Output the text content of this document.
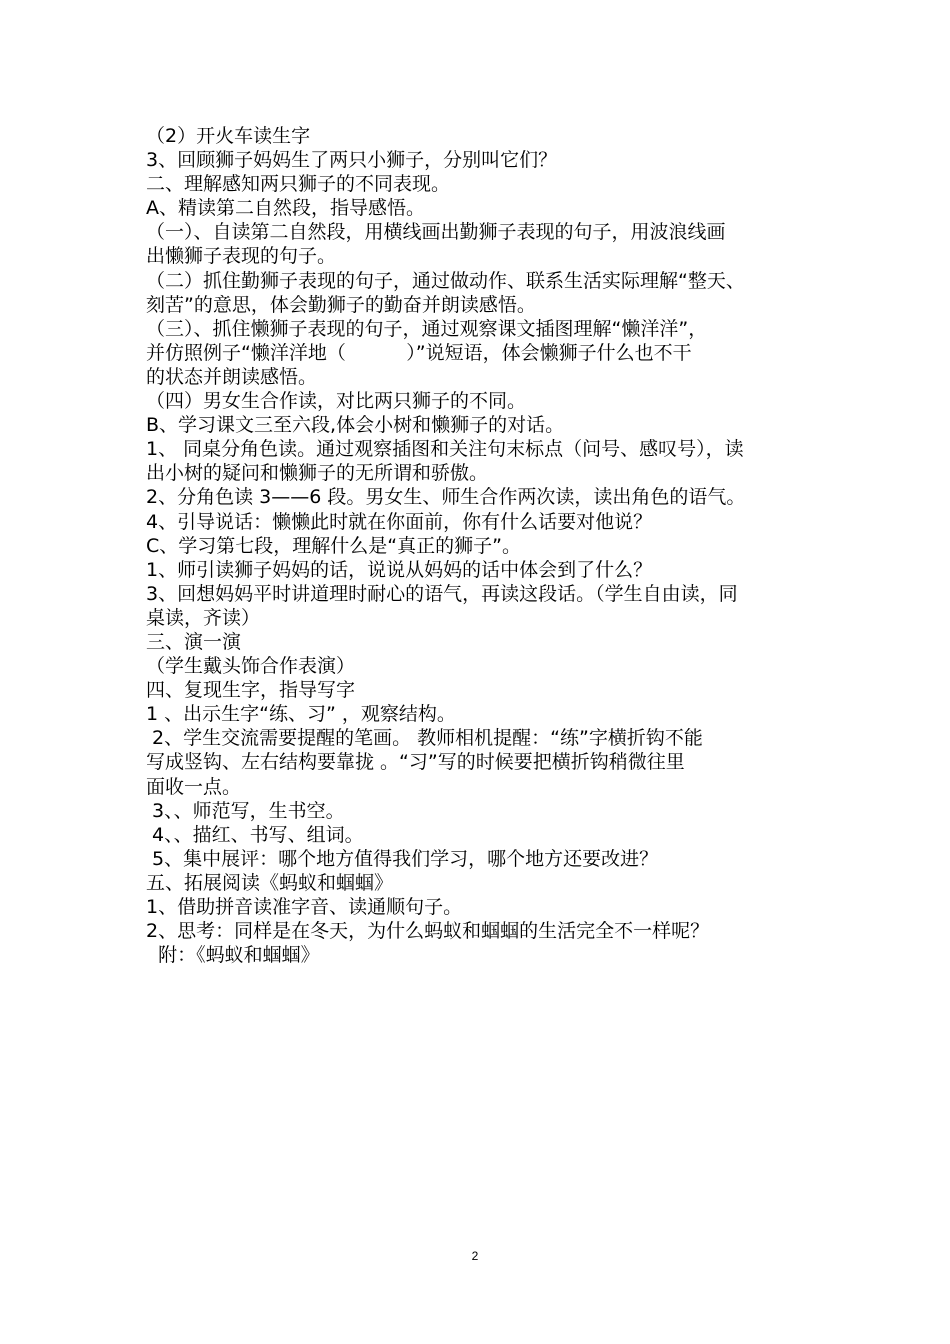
（2）开火车读生字
3、回顾狮子妈妈生了两只小狮子，分别叫它们？
二、理解感知两只狮子的不同表现。
A、精读第二自然段，指导感悟。
（一）、自读第二自然段，用横线画出勤狮子表现的句子，用波浪线画
出懒狮子表现的句子。
（二）抓住勤狮子表现的句子，通过做动作、联系生活实际理解“整天、
刻苦”的意思，体会勤狮子的勤奋并朗读感悟。
（三）、抓住懒狮子表现的句子，通过观察课文插图理解“懒洋洋”，
并仿照例子“懒洋洋地（          ）”说短语，体会懒狮子什么也不干
的状态并朗读感悟。
（四）男女生合作读，对比两只狮子的不同。
B、学习课文三至六段,体会小树和懒狮子的对话。
1、 同桌分角色读。通过观察插图和关注句末标点（问号、感叹号），读
出小树的疑问和懒狮子的无所谓和骄傲。
2、分角色读 3——6 段。男女生、师生合作两次读，读出角色的语气。
4、引导说话：懒懒此时就在你面前，你有什么话要对他说？
C、学习第七段，理解什么是“真正的狮子”。
1、师引读狮子妈妈的话，说说从妈妈的话中体会到了什么？
3、回想妈妈平时讲道理时耐心的语气，再读这段话。（学生自由读，同
桌读，齐读）
三、演一演
（学生戴头饰合作表演）
四、复现生字，指导写字
1 、出示生字“练、习” ，观察结构。
2、学生交流需要提醒的笔画。 教师相机提醒：“练”字横折钩不能
写成竖钩、左右结构要靠拢 。“习”写的时候要把横折钩稍微往里
面收一点。
3、、师范写，生书空。
4、、描红、书写、组词。
5、集中展评：哪个地方值得我们学习，哪个地方还要改进？
五、拓展阅读《蚂蚁和蝈蝈》
1、借助拼音读准字音、读通顺句子。
2、思考：同样是在冬天，为什么蚂蚁和蝈蝈的生活完全不一样呢？
附：《蚂蚁和蝈蝈》
2
